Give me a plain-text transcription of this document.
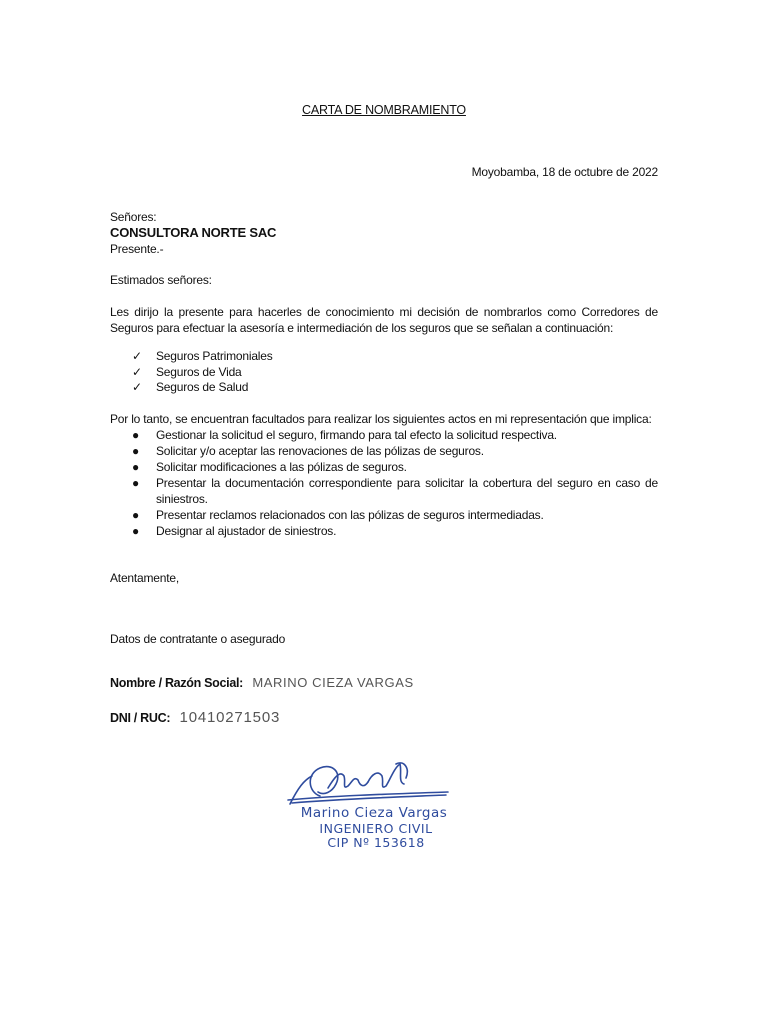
CARTA DE NOMBRAMIENTO
Moyobamba, 18 de octubre de 2022
Señores:
CONSULTORA NORTE SAC
Presente.-
Estimados señores:
Les dirijo la presente para hacerles de conocimiento mi decisión de nombrarlos como Corredores de Seguros para efectuar la asesoría e intermediación de los seguros que se señalan a continuación:
✓ Seguros Patrimoniales
✓ Seguros de Vida
✓ Seguros de Salud
Por lo tanto, se encuentran facultados para realizar los siguientes actos en mi representación que implica:
● Gestionar la solicitud el seguro, firmando para tal efecto la solicitud respectiva.
● Solicitar y/o aceptar las renovaciones de las pólizas de seguros.
● Solicitar modificaciones a las pólizas de seguros.
● Presentar la documentación correspondiente para solicitar la cobertura del seguro en caso de siniestros.
● Presentar reclamos relacionados con las pólizas de seguros intermediadas.
● Designar al ajustador de siniestros.
Atentamente,
Datos de contratante o asegurado
Nombre / Razón Social: MARINO CIEZA VARGAS
DNI / RUC: 10410271503
Marino Cieza Vargas
INGENIERO CIVIL
CIP Nº 153618
